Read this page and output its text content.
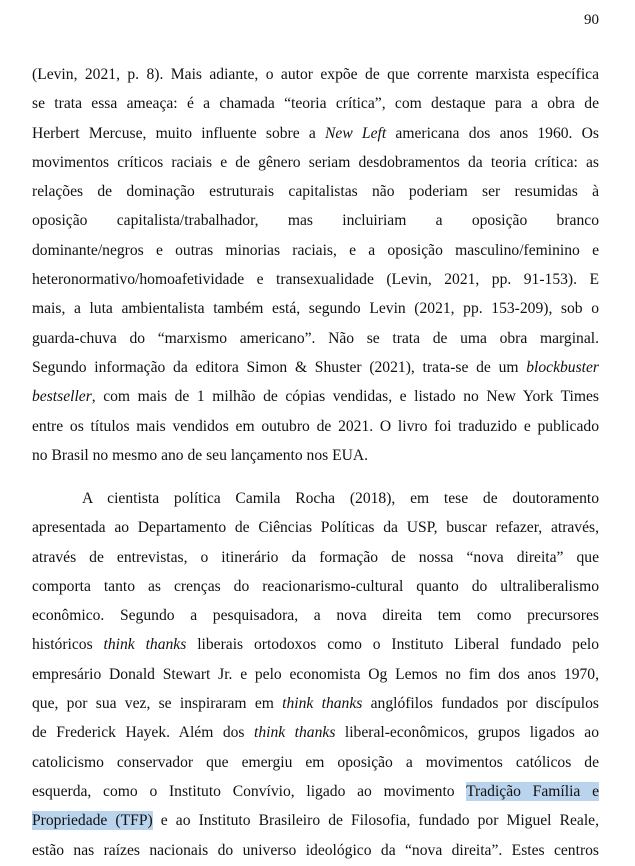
90
(Levin, 2021, p. 8). Mais adiante, o autor expõe de que corrente marxista específica
se trata essa ameaça: é a chamada “teoria crítica”, com destaque para a obra de
Herbert Mercuse, muito influente sobre a New Left americana dos anos 1960. Os
movimentos críticos raciais e de gênero seriam desdobramentos da teoria crítica: as
relações de dominação estruturais capitalistas não poderiam ser resumidas à
oposição capitalista/trabalhador, mas incluiriam a oposição branco
dominante/negros e outras minorias raciais, e a oposição masculino/feminino e
heteronormativo/homoafetividade e transexualidade (Levin, 2021, pp. 91-153). E
mais, a luta ambientalista também está, segundo Levin (2021, pp. 153-209), sob o
guarda-chuva do “marxismo americano”. Não se trata de uma obra marginal.
Segundo informação da editora Simon & Shuster (2021), trata-se de um blockbuster
bestseller, com mais de 1 milhão de cópias vendidas, e listado no New York Times
entre os títulos mais vendidos em outubro de 2021. O livro foi traduzido e publicado
no Brasil no mesmo ano de seu lançamento nos EUA.
A cientista política Camila Rocha (2018), em tese de doutoramento
apresentada ao Departamento de Ciências Políticas da USP, buscar refazer, através,
através de entrevistas, o itinerário da formação de nossa “nova direita” que
comporta tanto as crenças do reacionarismo-cultural quanto do ultraliberalismo
econômico. Segundo a pesquisadora, a nova direita tem como precursores
históricos think thanks liberais ortodoxos como o Instituto Liberal fundado pelo
empresário Donald Stewart Jr. e pelo economista Og Lemos no fim dos anos 1970,
que, por sua vez, se inspiraram em think thanks anglófilos fundados por discípulos
de Frederick Hayek. Além dos think thanks liberal-econômicos, grupos ligados ao
catolicismo conservador que emergiu em oposição a movimentos católicos de
esquerda, como o Instituto Convívio, ligado ao movimento Tradição Família e
Propriedade (TFP) e ao Instituto Brasileiro de Filosofia, fundado por Miguel Reale,
estão nas raízes nacionais do universo ideológico da “nova direita”. Estes centros
